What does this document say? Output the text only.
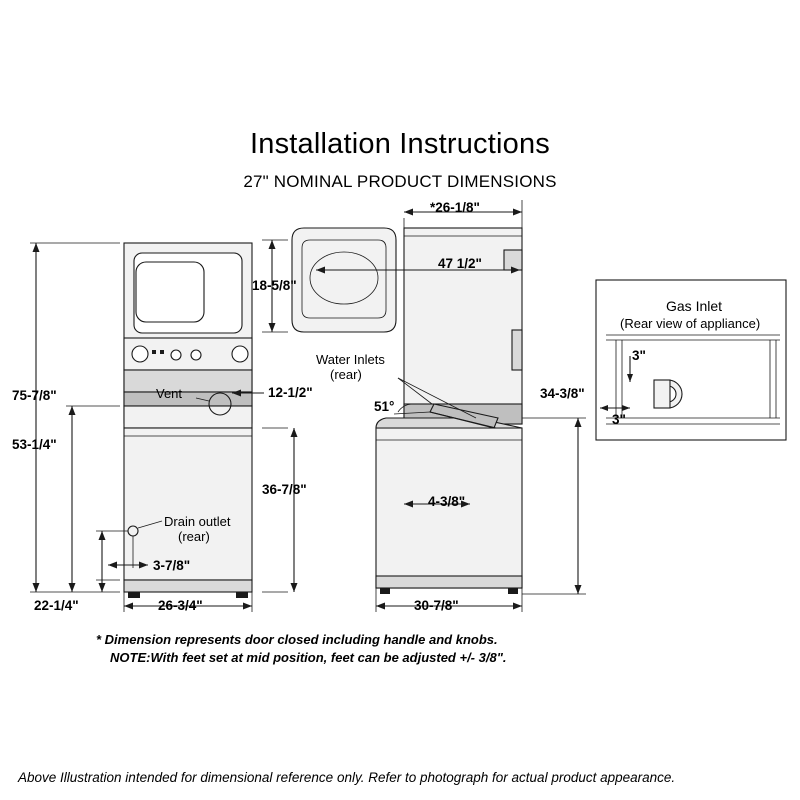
Installation Instructions
27" NOMINAL PRODUCT DIMENSIONS
75-7/8"
53-1/4"
22-1/4"	26-3/4"
3-7/8"
36-7/8"
Vent	12-1/2"
Drain outlet
(rear)
18-5/8"
*26-1/8"
47 1/2"
Water Inlets
(rear)
51°
4-3/8"
30-7/8"
34-3/8"
Gas Inlet
(Rear view of appliance)
3"
3"
* Dimension represents door closed including handle and knobs.
NOTE:With feet set at mid position, feet can be adjusted +/- 3/8".
Above Illustration intended for dimensional reference only. Refer to photograph for actual product appearance.
